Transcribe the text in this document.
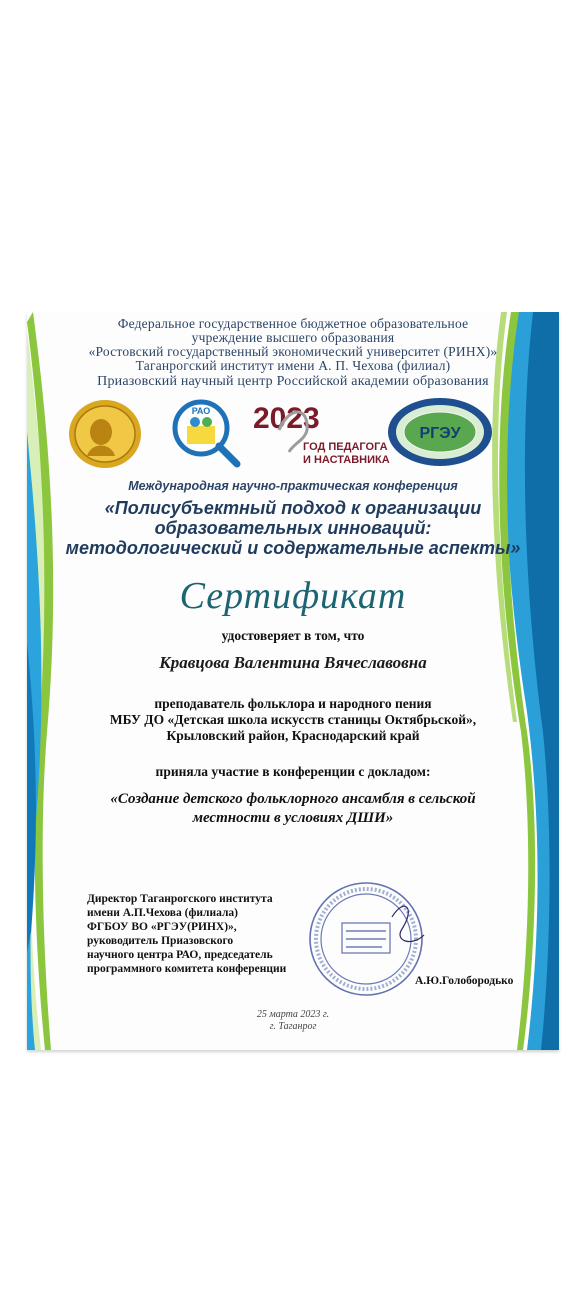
Федеральное государственное бюджетное образовательное
учреждение высшего образования
«Ростовский государственный экономический университет (РИНХ)»
Таганрогский институт имени А. П. Чехова (филиал)
Приазовский научный центр Российской академии образования
РАО 2023
ГОД ПЕДАГОГА
И НАСТАВНИКА
РГЭУ
Международная научно-практическая конференция
«Полисубъектный подход к организации
образовательных инноваций:
методологический и содержательные аспекты»
Сертификат
удостоверяет в том, что
Кравцова Валентина Вячеславовна
преподаватель фольклора и народного пения
МБУ ДО «Детская школа искусств станицы Октябрьской»,
Крыловский район, Краснодарский край
приняла участие в конференции с докладом:
«Создание детского фольклорного ансамбля в сельской
местности в условиях ДШИ»
Директор Таганрогского института
имени А.П.Чехова (филиала)
ФГБОУ ВО «РГЭУ(РИНХ)»,
руководитель Приазовского
научного центра РАО, председатель
программного комитета конференции
А.Ю.Голобородько
25 марта 2023 г.
г. Таганрог
